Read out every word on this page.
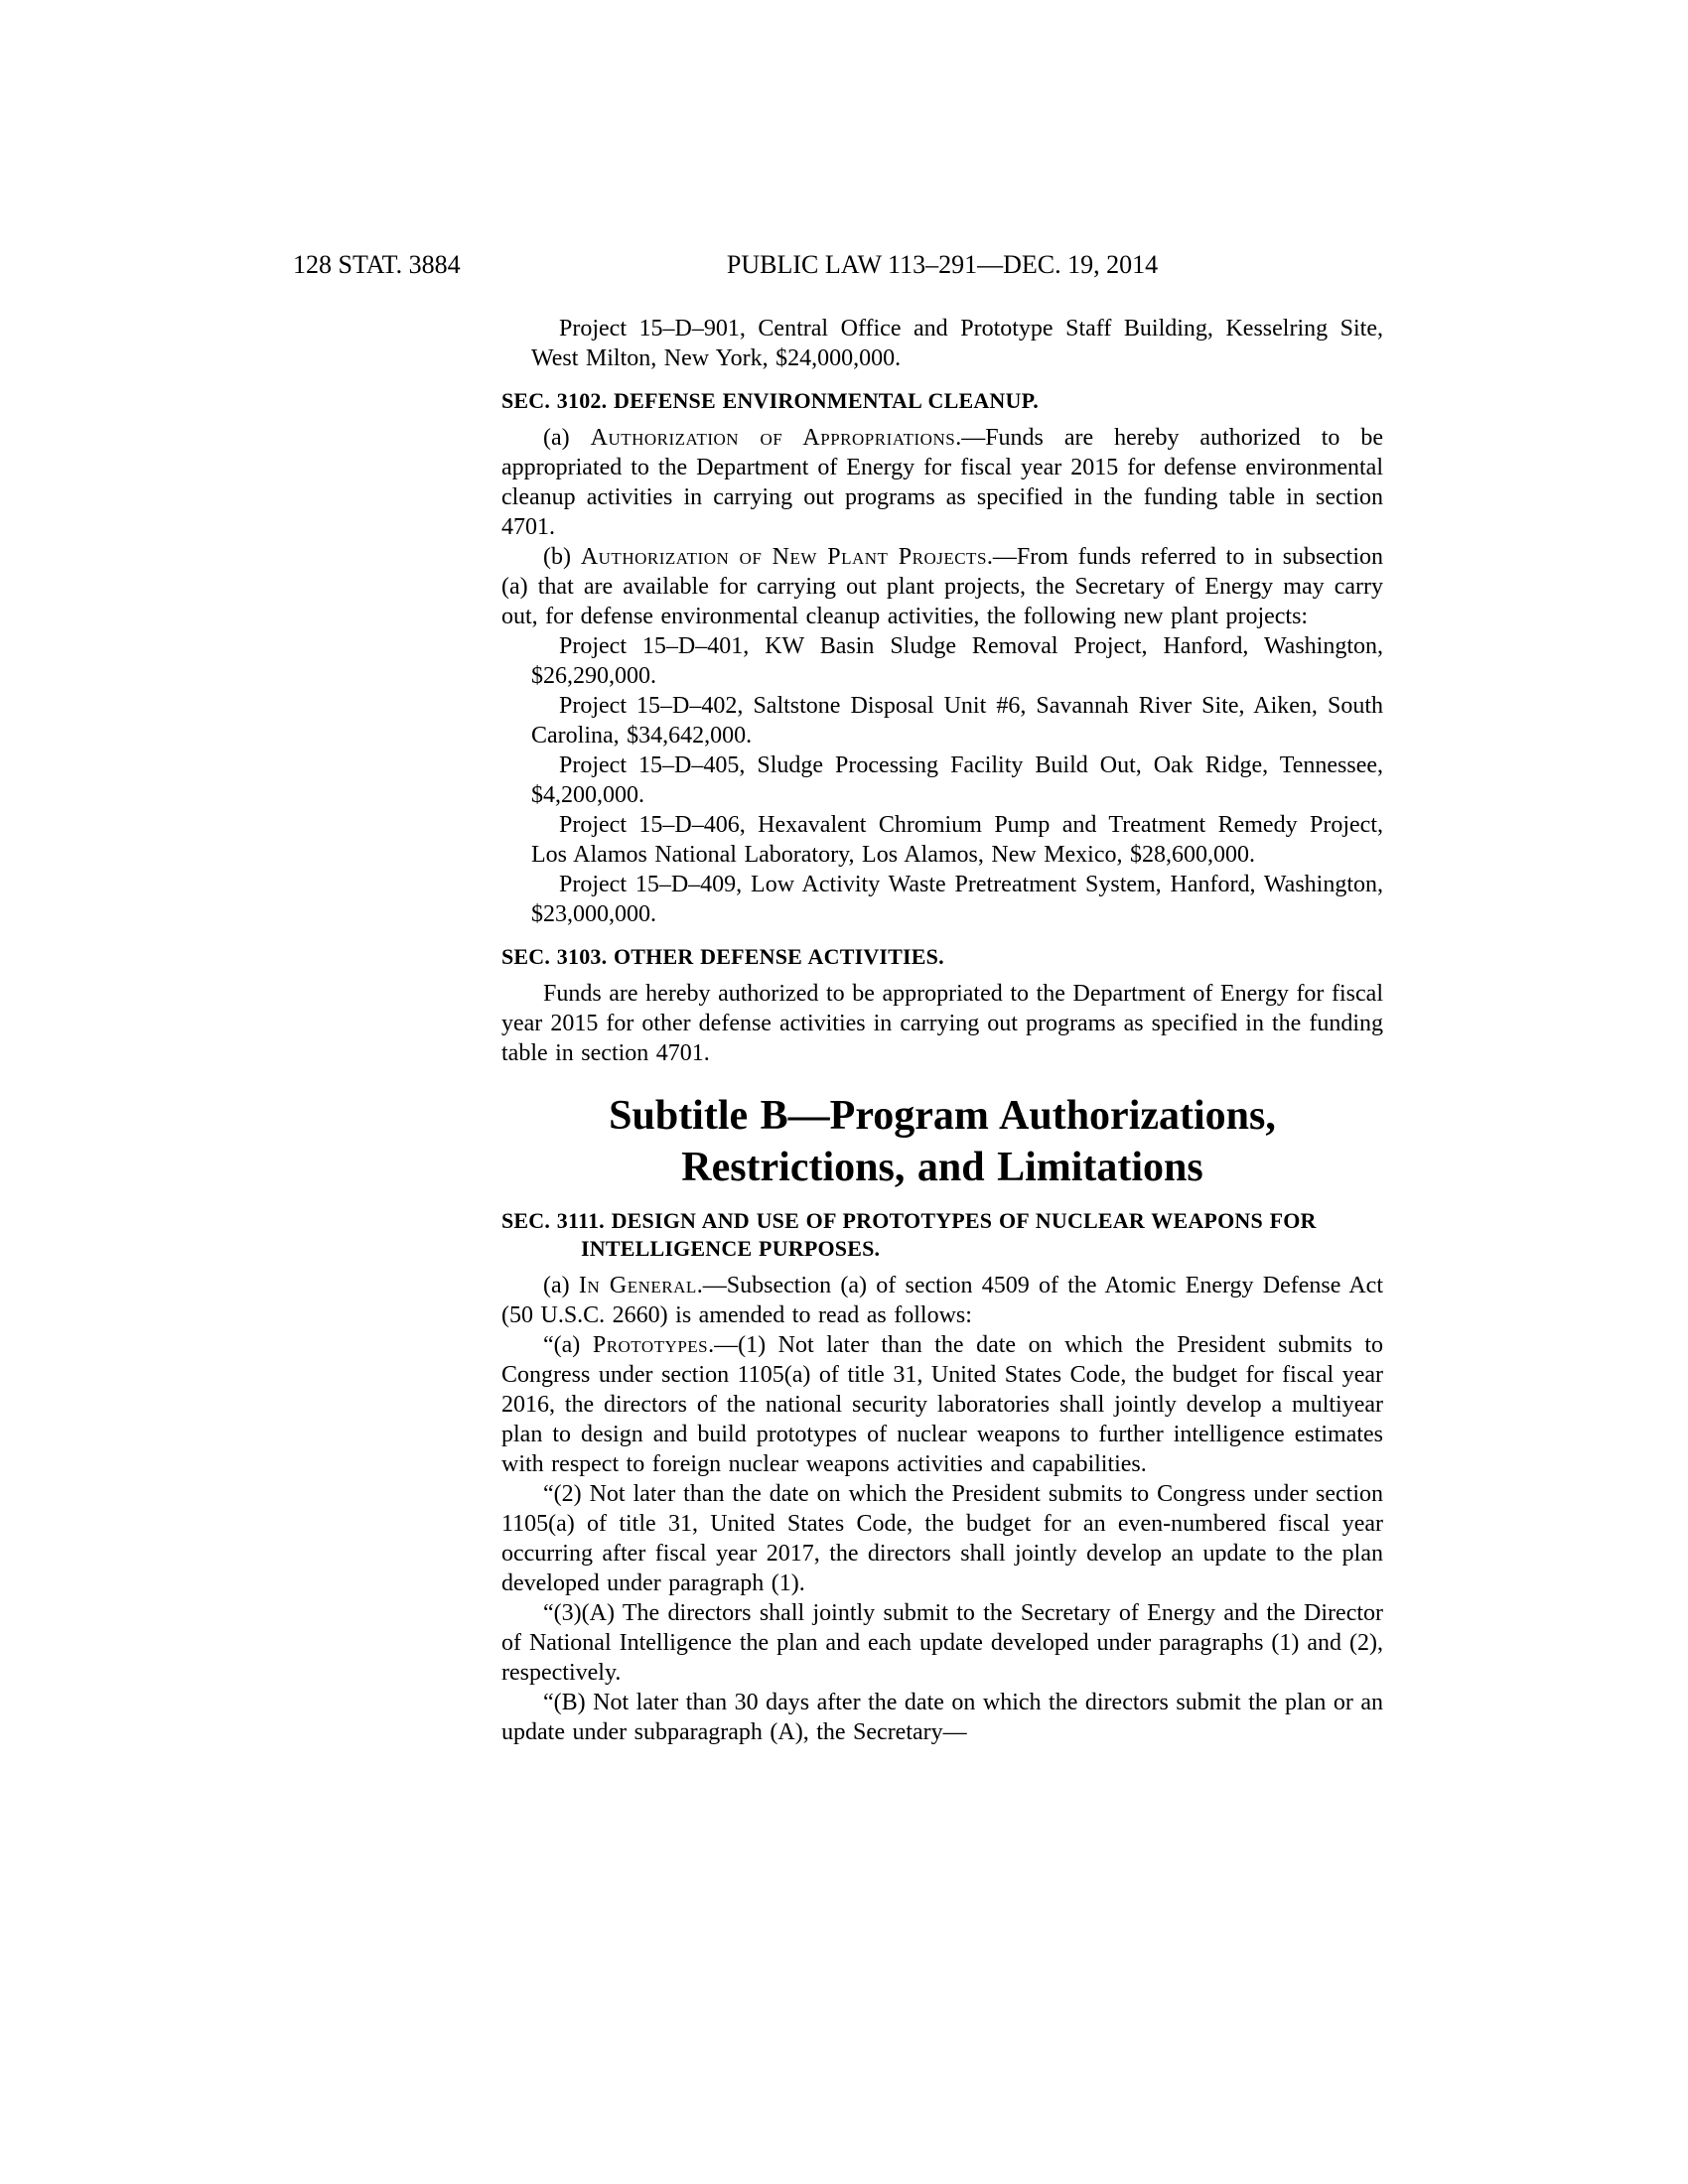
128 STAT. 3884	PUBLIC LAW 113–291—DEC. 19, 2014

Project 15–D–901, Central Office and Prototype Staff Building, Kesselring Site, West Milton, New York, $24,000,000.

SEC. 3102. DEFENSE ENVIRONMENTAL CLEANUP.

(a) Authorization of Appropriations.—Funds are hereby authorized to be appropriated to the Department of Energy for fiscal year 2015 for defense environmental cleanup activities in carrying out programs as specified in the funding table in section 4701.

(b) Authorization of New Plant Projects.—From funds referred to in subsection (a) that are available for carrying out plant projects, the Secretary of Energy may carry out, for defense environmental cleanup activities, the following new plant projects:

Project 15–D–401, KW Basin Sludge Removal Project, Hanford, Washington, $26,290,000.

Project 15–D–402, Saltstone Disposal Unit #6, Savannah River Site, Aiken, South Carolina, $34,642,000.

Project 15–D–405, Sludge Processing Facility Build Out, Oak Ridge, Tennessee, $4,200,000.

Project 15–D–406, Hexavalent Chromium Pump and Treatment Remedy Project, Los Alamos National Laboratory, Los Alamos, New Mexico, $28,600,000.

Project 15–D–409, Low Activity Waste Pretreatment System, Hanford, Washington, $23,000,000.

SEC. 3103. OTHER DEFENSE ACTIVITIES.

Funds are hereby authorized to be appropriated to the Department of Energy for fiscal year 2015 for other defense activities in carrying out programs as specified in the funding table in section 4701.

Subtitle B—Program Authorizations,
Restrictions, and Limitations
SEC. 3111. DESIGN AND USE OF PROTOTYPES OF NUCLEAR WEAPONS FOR INTELLIGENCE PURPOSES.

(a) In General.—Subsection (a) of section 4509 of the Atomic Energy Defense Act (50 U.S.C. 2660) is amended to read as follows:

“(a) Prototypes.—(1) Not later than the date on which the President submits to Congress under section 1105(a) of title 31, United States Code, the budget for fiscal year 2016, the directors of the national security laboratories shall jointly develop a multiyear plan to design and build prototypes of nuclear weapons to further intelligence estimates with respect to foreign nuclear weapons activities and capabilities.

“(2) Not later than the date on which the President submits to Congress under section 1105(a) of title 31, United States Code, the budget for an even-numbered fiscal year occurring after fiscal year 2017, the directors shall jointly develop an update to the plan developed under paragraph (1).

“(3)(A) The directors shall jointly submit to the Secretary of Energy and the Director of National Intelligence the plan and each update developed under paragraphs (1) and (2), respectively.

“(B) Not later than 30 days after the date on which the directors submit the plan or an update under subparagraph (A), the Secretary—
